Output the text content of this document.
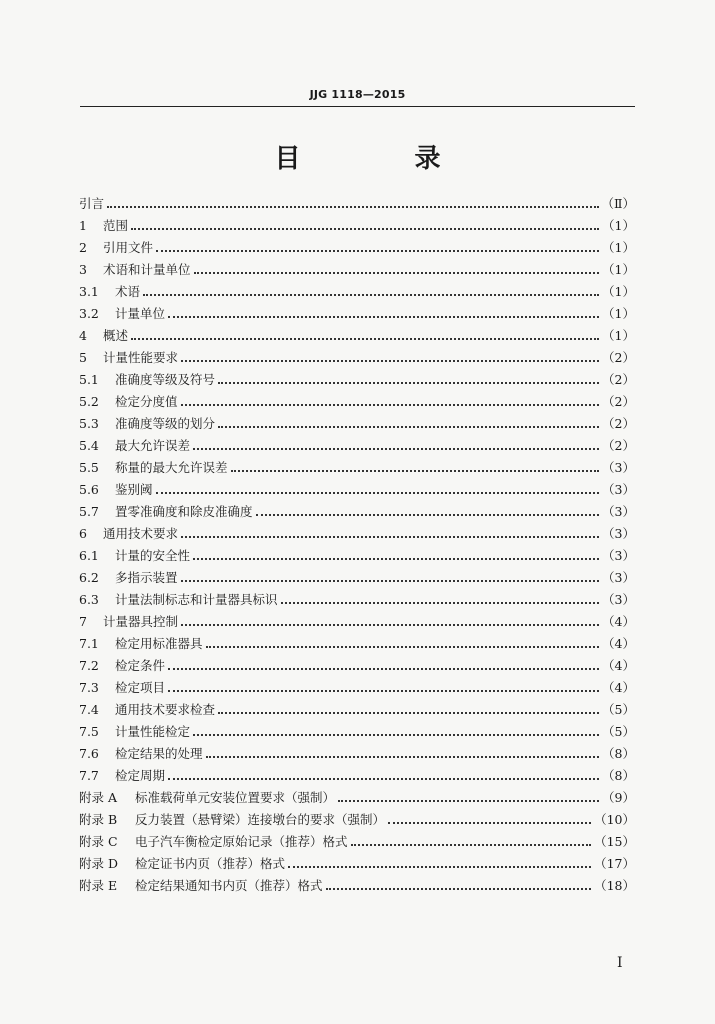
JJG 1118—2015
目　录
引言	（Ⅱ）
1	范围	（1）
2	引用文件	（1）
3	术语和计量单位	（1）
3.1	术语	（1）
3.2	计量单位	（1）
4	概述	（1）
5	计量性能要求	（2）
5.1	准确度等级及符号	（2）
5.2	检定分度值	（2）
5.3	准确度等级的划分	（2）
5.4	最大允许误差	（2）
5.5	称量的最大允许误差	（3）
5.6	鉴别阈	（3）
5.7	置零准确度和除皮准确度	（3）
6	通用技术要求	（3）
6.1	计量的安全性	（3）
6.2	多指示装置	（3）
6.3	计量法制标志和计量器具标识	（3）
7	计量器具控制	（4）
7.1	检定用标准器具	（4）
7.2	检定条件	（4）
7.3	检定项目	（4）
7.4	通用技术要求检查	（5）
7.5	计量性能检定	（5）
7.6	检定结果的处理	（8）
7.7	检定周期	（8）
附录 A	标准载荷单元安装位置要求（强制）	（9）
附录 B	反力装置（悬臂梁）连接墩台的要求（强制）	（10）
附录 C	电子汽车衡检定原始记录（推荐）格式	（15）
附录 D	检定证书内页（推荐）格式	（17）
附录 E	检定结果通知书内页（推荐）格式	（18）
I
